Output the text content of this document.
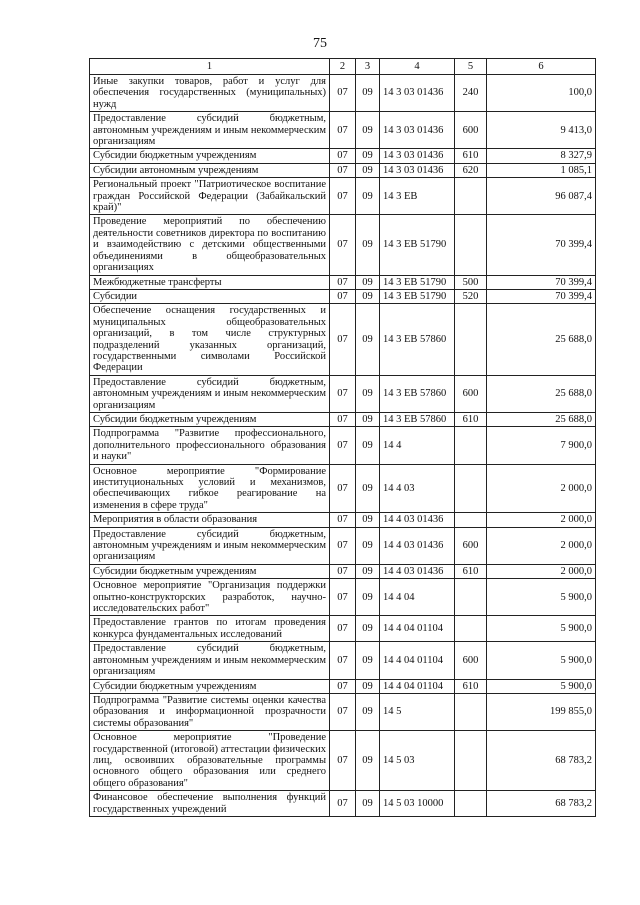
75
1	2	3	4	5	6
Иные закупки товаров, работ и услуг для обеспечения государственных (муниципальных) нужд	07	09	14 3 03 01436	240	100,0
Предоставление субсидий бюджетным, автономным учреждениям и иным некоммерческим организациям	07	09	14 3 03 01436	600	9 413,0
Субсидии бюджетным учреждениям	07	09	14 3 03 01436	610	8 327,9
Субсидии автономным учреждениям	07	09	14 3 03 01436	620	1 085,1
Региональный проект "Патриотическое воспитание граждан Российской Федерации (Забайкальский край)"	07	09	14 3 ЕВ		96 087,4
Проведение мероприятий по обеспечению деятельности советников директора по воспитанию и взаимодействию с детскими общественными объединениями в общеобразовательных организациях	07	09	14 3 ЕВ 51790		70 399,4
Межбюджетные трансферты	07	09	14 3 ЕВ 51790	500	70 399,4
Субсидии	07	09	14 3 ЕВ 51790	520	70 399,4
Обеспечение оснащения государственных и муниципальных общеобразовательных организаций, в том числе структурных подразделений указанных организаций, государственными символами Российской Федерации	07	09	14 3 ЕВ 57860		25 688,0
Предоставление субсидий бюджетным, автономным учреждениям и иным некоммерческим организациям	07	09	14 3 ЕВ 57860	600	25 688,0
Субсидии бюджетным учреждениям	07	09	14 3 ЕВ 57860	610	25 688,0
Подпрограмма "Развитие профессионального, дополнительного профессионального образования и науки"	07	09	14 4		7 900,0
Основное мероприятие "Формирование институциональных условий и механизмов, обеспечивающих гибкое реагирование на изменения в сфере труда"	07	09	14 4 03		2 000,0
Мероприятия в области образования	07	09	14 4 03 01436		2 000,0
Предоставление субсидий бюджетным, автономным учреждениям и иным некоммерческим организациям	07	09	14 4 03 01436	600	2 000,0
Субсидии бюджетным учреждениям	07	09	14 4 03 01436	610	2 000,0
Основное мероприятие "Организация поддержки опытно-конструкторских разработок, научно-исследовательских работ"	07	09	14 4 04		5 900,0
Предоставление грантов по итогам проведения конкурса фундаментальных исследований	07	09	14 4 04 01104		5 900,0
Предоставление субсидий бюджетным, автономным учреждениям и иным некоммерческим организациям	07	09	14 4 04 01104	600	5 900,0
Субсидии бюджетным учреждениям	07	09	14 4 04 01104	610	5 900,0
Подпрограмма "Развитие системы оценки качества образования и информационной прозрачности системы образования"	07	09	14 5		199 855,0
Основное мероприятие "Проведение государственной (итоговой) аттестации физических лиц, освоивших образовательные программы основного общего образования или среднего общего образования"	07	09	14 5 03		68 783,2
Финансовое обеспечение выполнения функций государственных учреждений	07	09	14 5 03 10000		68 783,2
